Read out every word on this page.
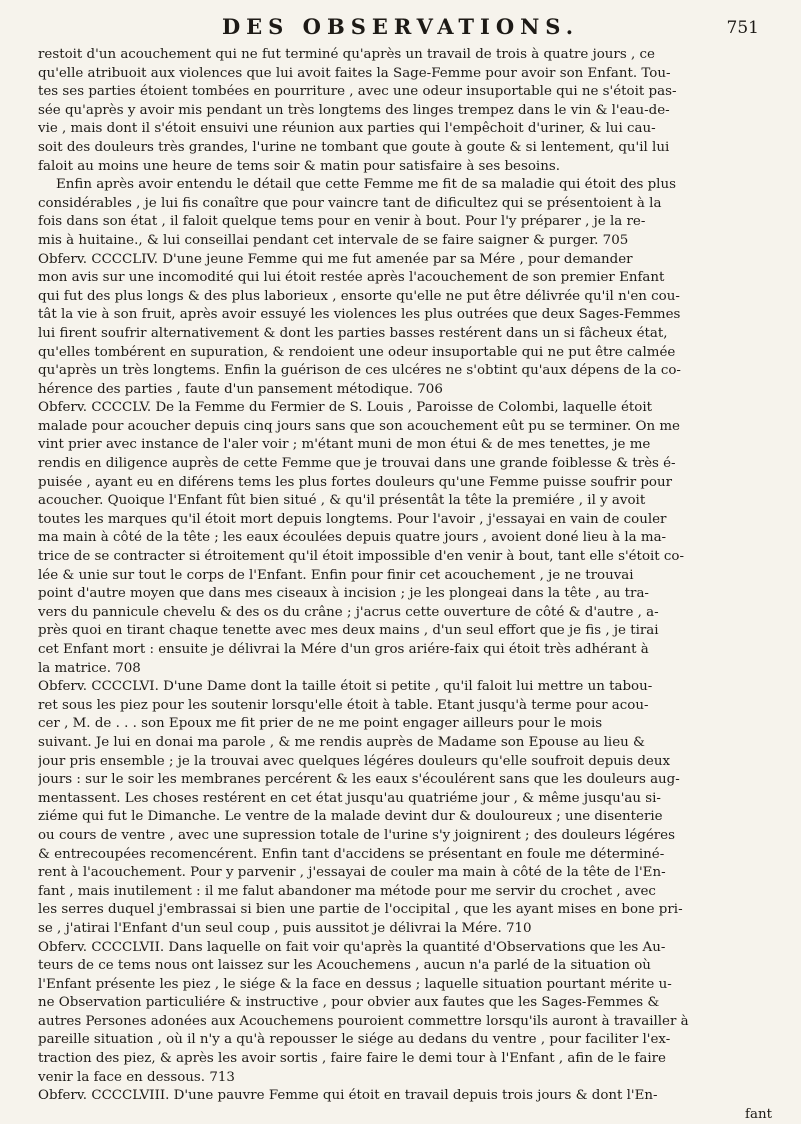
DES OBSERVATIONS.	751
restoit d'un acouchement qui ne fut terminé qu'après un travail de trois à quatre jours , ce
qu'elle atribuoit aux violences que lui avoit faites la Sage-Femme pour avoir son Enfant. Tou-
tes ses parties étoient tombées en pourriture , avec une odeur insuportable qui ne s'étoit pas-
sée qu'après y avoir mis pendant un très longtems des linges trempez dans le vin & l'eau-de-
vie , mais dont il s'étoit ensuivi une réunion aux parties qui l'empêchoit d'uriner, & lui cau-
soit des douleurs très grandes, l'urine ne tombant que goute à goute & si lentement, qu'il lui
faloit au moins une heure de tems soir & matin pour satisfaire à ses besoins.
Enfin après avoir entendu le détail que cette Femme me fit de sa maladie qui étoit des plus
considérables , je lui fis conaître que pour vaincre tant de dificultez qui se présentoient à la
fois dans son état , il faloit quelque tems pour en venir à bout. Pour l'y préparer , je la re-
mis à huitaine., & lui conseillai pendant cet intervale de se faire saigner & purger. 705
Obferv. CCCCLIV. D'une jeune Femme qui me fut amenée par sa Mére , pour demander
mon avis sur une incomodité qui lui étoit restée après l'acouchement de son premier Enfant
qui fut des plus longs & des plus laborieux , ensorte qu'elle ne put être délivrée qu'il n'en cou-
tât la vie à son fruit, après avoir essuyé les violences les plus outrées que deux Sages-Femmes
lui firent soufrir alternativement & dont les parties basses restérent dans un si fâcheux état,
qu'elles tombérent en supuration, & rendoient une odeur insuportable qui ne put être calmée
qu'après un très longtems. Enfin la guérison de ces ulcéres ne s'obtint qu'aux dépens de la co-
hérence des parties , faute d'un pansement métodique. 706
Obferv. CCCCLV. De la Femme du Fermier de S. Louis , Paroisse de Colombi, laquelle étoit
malade pour acoucher depuis cinq jours sans que son acouchement eût pu se terminer. On me
vint prier avec instance de l'aler voir ; m'étant muni de mon étui & de mes tenettes, je me
rendis en diligence auprès de cette Femme que je trouvai dans une grande foiblesse & très é-
puisée , ayant eu en diférens tems les plus fortes douleurs qu'une Femme puisse soufrir pour
acoucher. Quoique l'Enfant fût bien situé , & qu'il présentât la tête la premiére , il y avoit
toutes les marques qu'il étoit mort depuis longtems. Pour l'avoir , j'essayai en vain de couler
ma main à côté de la tête ; les eaux écoulées depuis quatre jours , avoient doné lieu à la ma-
trice de se contracter si étroitement qu'il étoit impossible d'en venir à bout, tant elle s'étoit co-
lée & unie sur tout le corps de l'Enfant. Enfin pour finir cet acouchement , je ne trouvai
point d'autre moyen que dans mes ciseaux à incision ; je les plongeai dans la tête , au tra-
vers du pannicule chevelu & des os du crâne ; j'acrus cette ouverture de côté & d'autre , a-
près quoi en tirant chaque tenette avec mes deux mains , d'un seul effort que je fis , je tirai
cet Enfant mort : ensuite je délivrai la Mére d'un gros ariére-faix qui étoit très adhérant à
la matrice. 708
Obferv. CCCCLVI. D'une Dame dont la taille étoit si petite , qu'il faloit lui mettre un tabou-
ret sous les piez pour les soutenir lorsqu'elle étoit à table. Etant jusqu'à terme pour acou-
cer , M. de . . . son Epoux me fit prier de ne me point engager ailleurs pour le mois
suivant. Je lui en donai ma parole , & me rendis auprès de Madame son Epouse au lieu &
jour pris ensemble ; je la trouvai avec quelques légéres douleurs qu'elle soufroit depuis deux
jours : sur le soir les membranes percérent & les eaux s'écoulérent sans que les douleurs aug-
mentassent. Les choses restérent en cet état jusqu'au quatriéme jour , & même jusqu'au si-
ziéme qui fut le Dimanche. Le ventre de la malade devint dur & douloureux ; une disenterie
ou cours de ventre , avec une supression totale de l'urine s'y joignirent ; des douleurs légéres
& entrecoupées recomencérent. Enfin tant d'accidens se présentant en foule me déterminé-
rent à l'acouchement. Pour y parvenir , j'essayai de couler ma main à côté de la tête de l'En-
fant , mais inutilement : il me falut abandoner ma métode pour me servir du crochet , avec
les serres duquel j'embrassai si bien une partie de l'occipital , que les ayant mises en bone pri-
se , j'atirai l'Enfant d'un seul coup , puis aussitot je délivrai la Mére. 710
Obferv. CCCCLVII. Dans laquelle on fait voir qu'après la quantité d'Observations que les Au-
teurs de ce tems nous ont laissez sur les Acouchemens , aucun n'a parlé de la situation où
l'Enfant présente les piez , le siége & la face en dessus ; laquelle situation pourtant mérite u-
ne Observation particuliére & instructive , pour obvier aux fautes que les Sages-Femmes &
autres Persones adonées aux Acouchemens pouroient commettre lorsqu'ils auront à travailler à
pareille situation , où il n'y a qu'à repousser le siége au dedans du ventre , pour faciliter l'ex-
traction des piez, & après les avoir sortis , faire faire le demi tour à l'Enfant , afin de le faire
venir la face en dessous. 713
Obferv. CCCCLVIII. D'une pauvre Femme qui étoit en travail depuis trois jours & dont l'En-
fant
